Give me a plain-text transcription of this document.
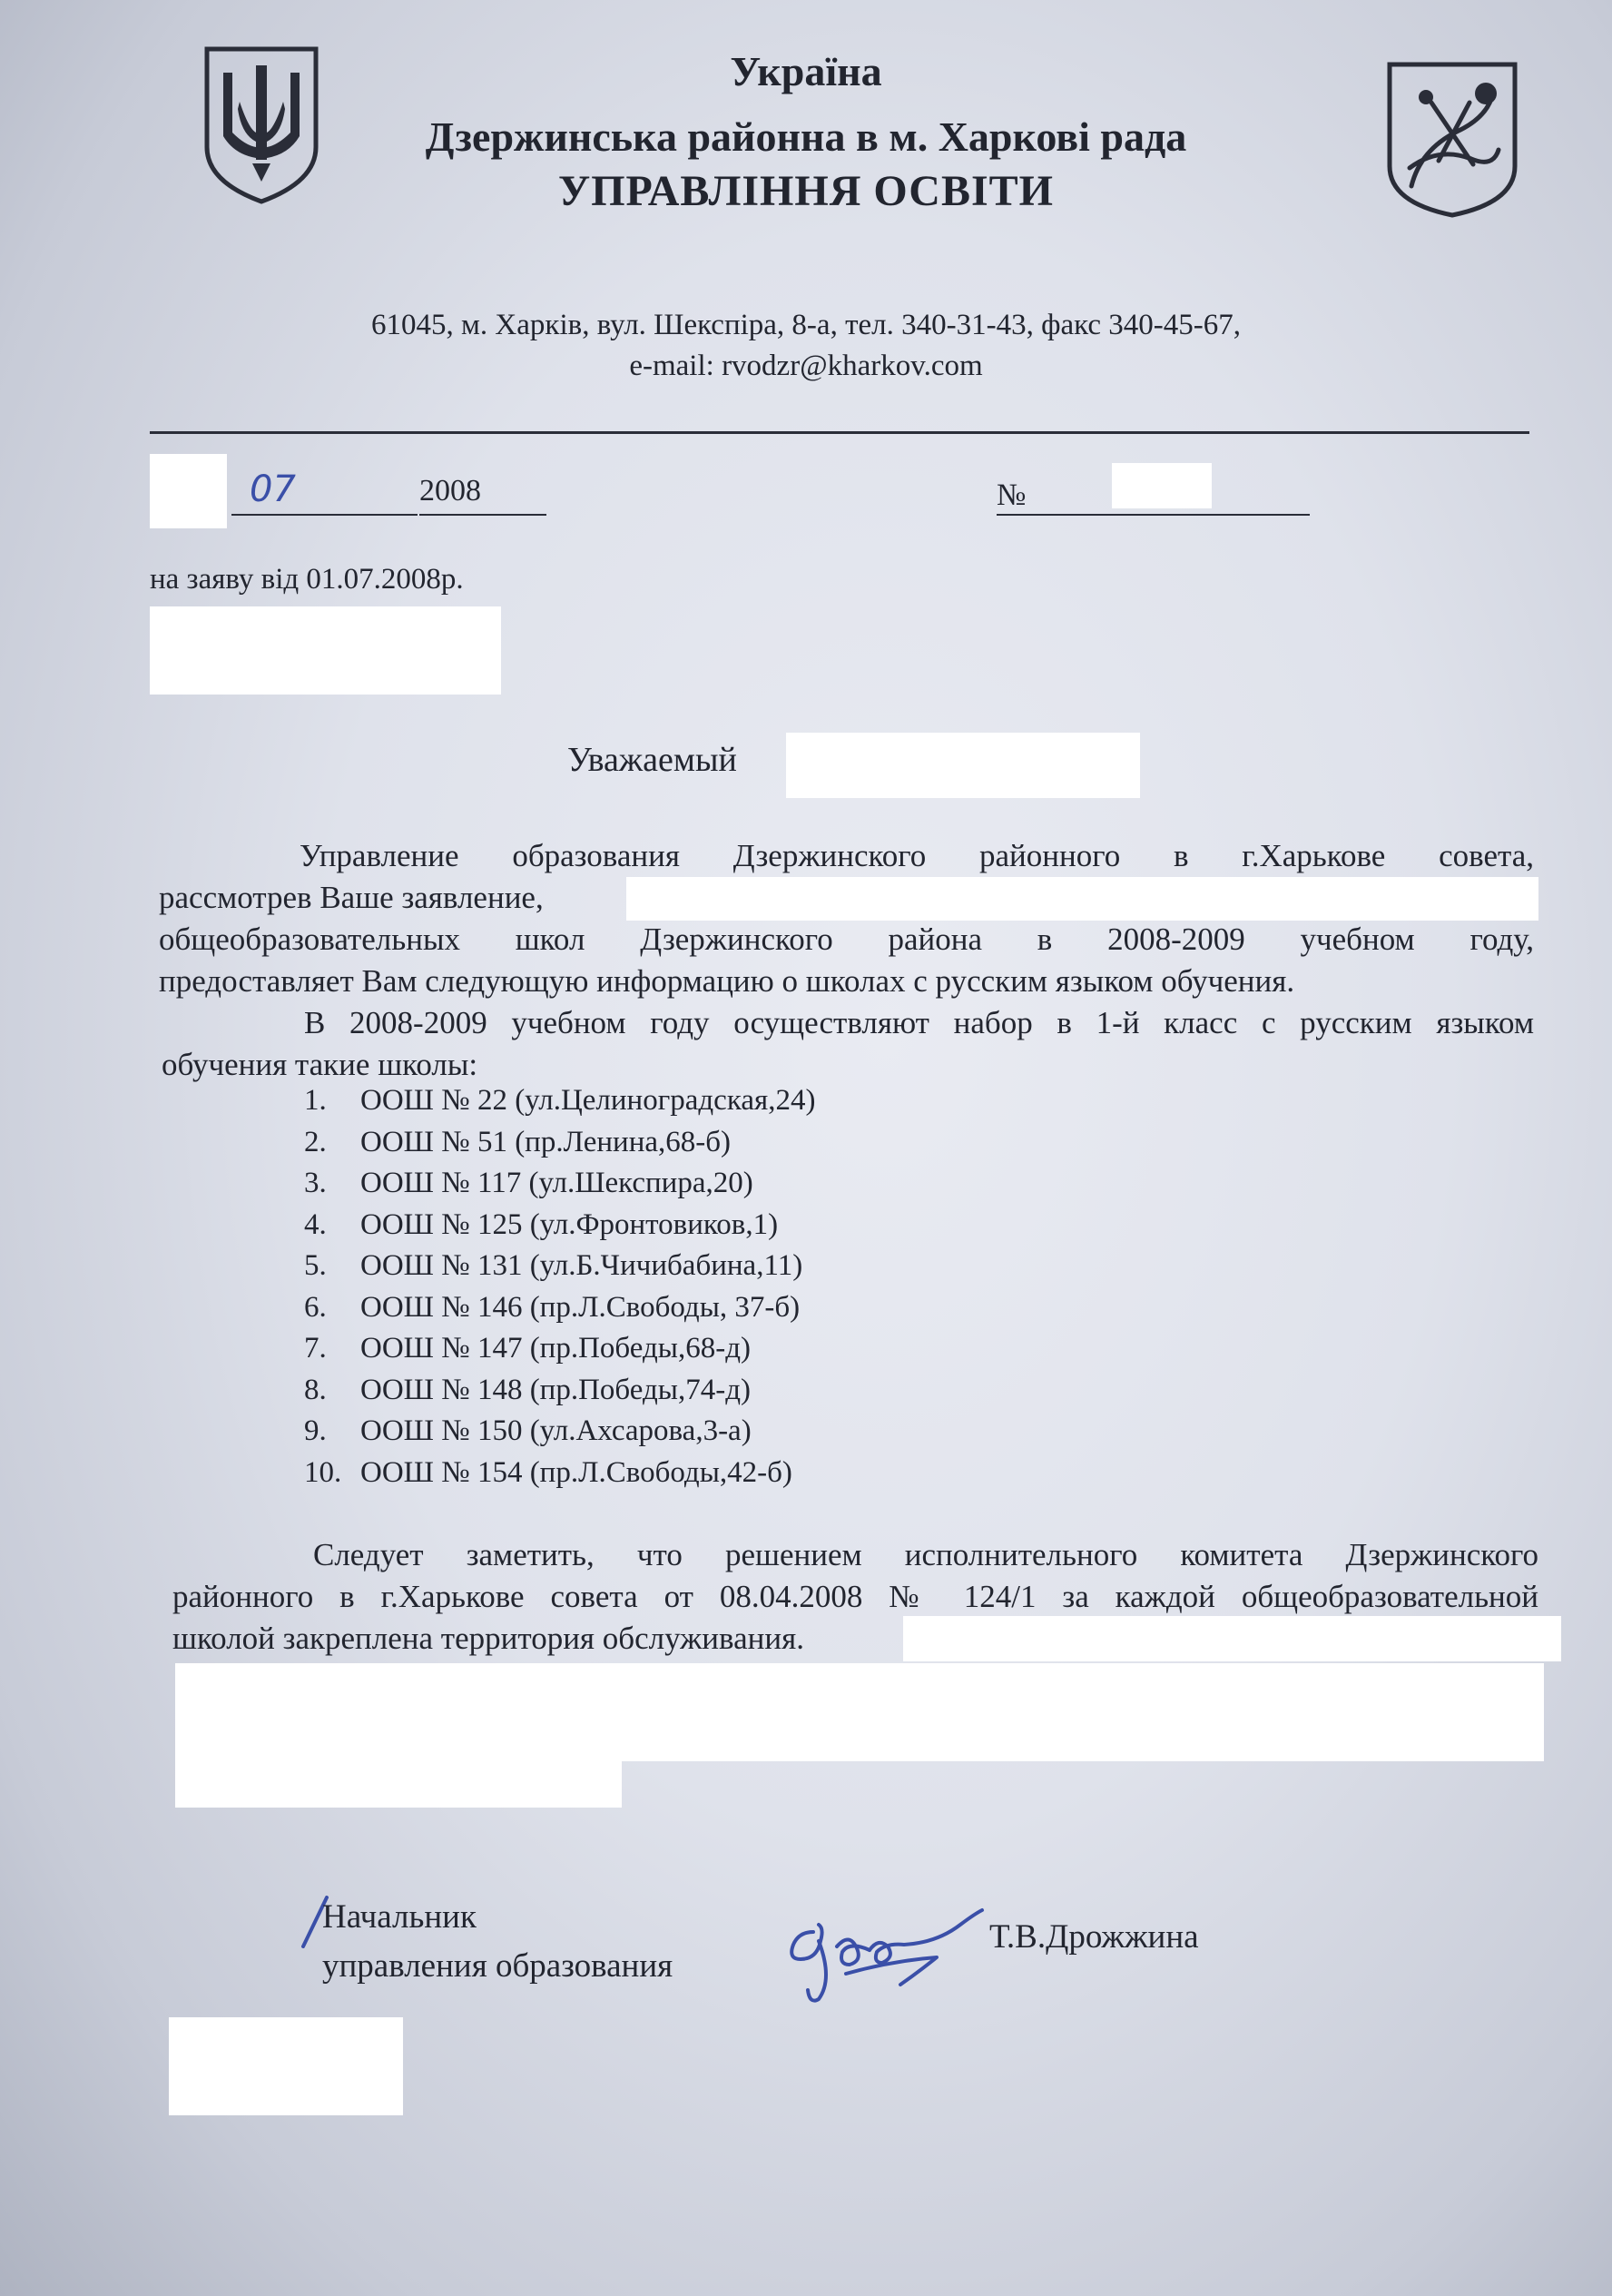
Україна
Дзержинська районна в м. Харкові рада
УПРАВЛІННЯ ОСВІТИ
61045, м. Харків, вул. Шекспіра, 8-а, тел. 340-31-43, факс 340-45-67,
e-mail: rvodzr@kharkov.com
07	2008	№
на заяву від 01.07.2008р.
Уважаемый
Управление образования Дзержинского районного в г.Харькове совета,
рассмотрев Ваше заявление,
общеобразовательных школ Дзержинского района в 2008-2009 учебном году,
предоставляет Вам следующую информацию о школах с русским языком обучения.
В 2008-2009 учебном году осуществляют набор в 1-й класс с русским языком
обучения такие школы:
1. ООШ № 22 (ул.Целиноградская,24)
2. ООШ № 51 (пр.Ленина,68-б)
3. ООШ № 117 (ул.Шекспира,20)
4. ООШ № 125 (ул.Фронтовиков,1)
5. ООШ № 131 (ул.Б.Чичибабина,11)
6. ООШ № 146 (пр.Л.Свободы, 37-б)
7. ООШ № 147 (пр.Победы,68-д)
8. ООШ № 148 (пр.Победы,74-д)
9. ООШ № 150 (ул.Ахсарова,3-а)
10. ООШ № 154 (пр.Л.Свободы,42-б)
Следует заметить, что решением исполнительного комитета Дзержинского
районного в г.Харькове совета от 08.04.2008 № 124/1 за каждой общеобразовательной
школой закреплена территория обслуживания.
Начальник
управления образования
Т.В.Дрожжина
